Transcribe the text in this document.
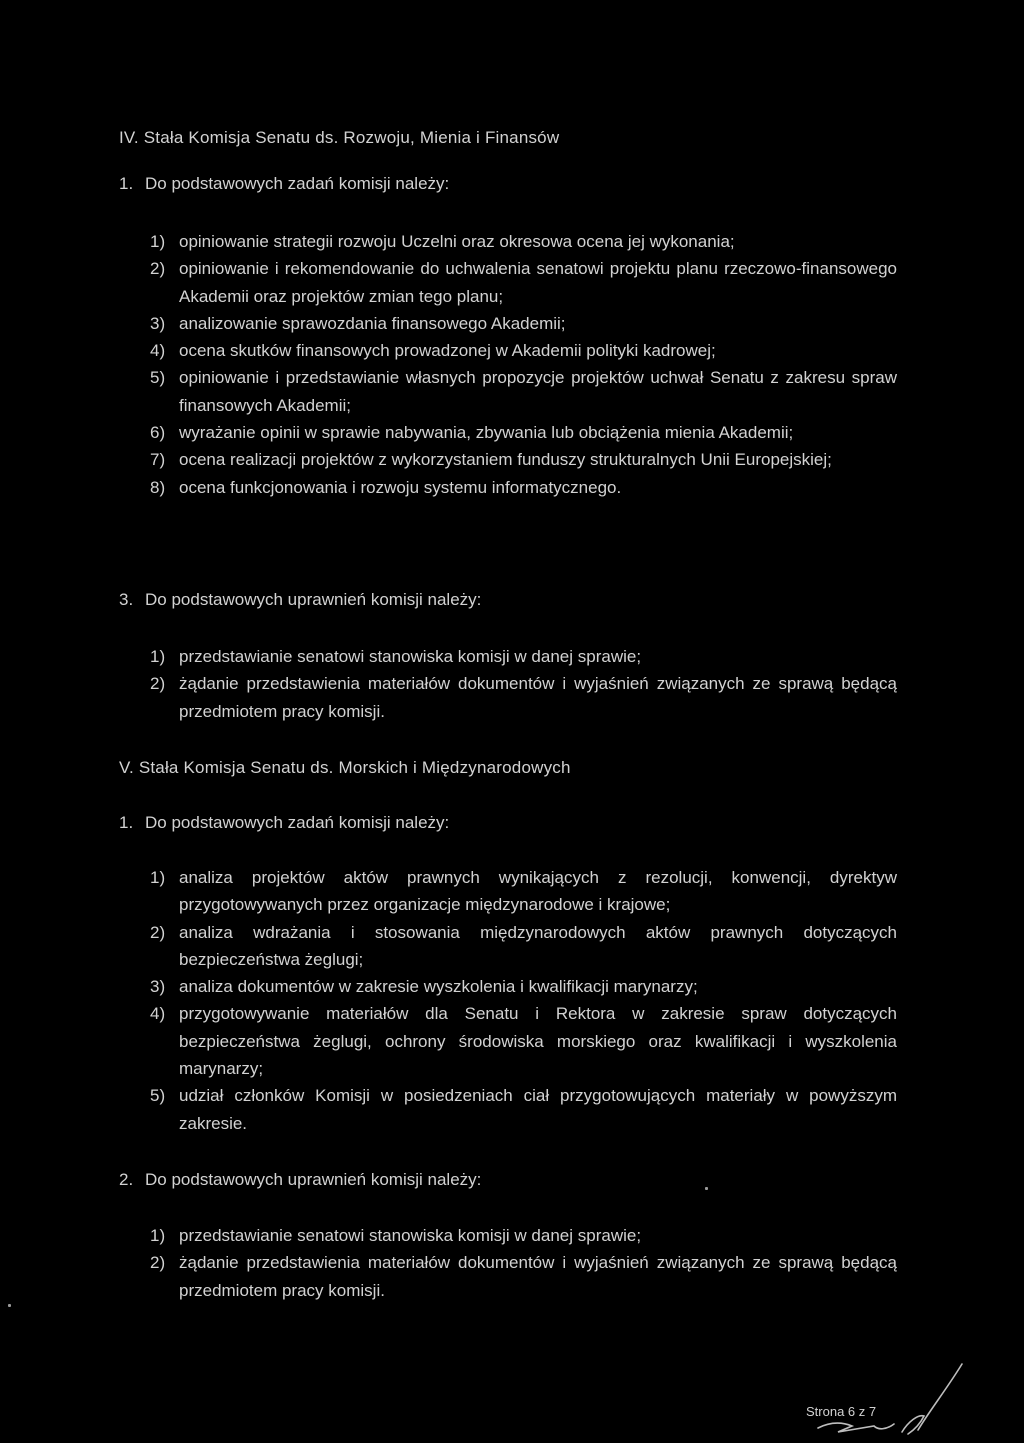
IV. Stała Komisja Senatu ds. Rozwoju, Mienia i Finansów
1. Do podstawowych zadań komisji należy:
1) opiniowanie strategii rozwoju Uczelni oraz okresowa ocena jej wykonania;
2) opiniowanie i rekomendowanie do uchwalenia senatowi projektu planu rzeczowo-finansowego Akademii oraz projektów zmian tego planu;
3) analizowanie sprawozdania finansowego Akademii;
4) ocena skutków finansowych prowadzonej w Akademii polityki kadrowej;
5) opiniowanie i przedstawianie własnych propozycje projektów uchwał Senatu z zakresu spraw finansowych Akademii;
6) wyrażanie opinii w sprawie nabywania, zbywania lub obciążenia mienia Akademii;
7) ocena realizacji projektów z wykorzystaniem funduszy strukturalnych Unii Europejskiej;
8) ocena funkcjonowania i rozwoju systemu informatycznego.
3. Do podstawowych uprawnień komisji należy:
1) przedstawianie senatowi stanowiska komisji w danej sprawie;
2) żądanie przedstawienia materiałów dokumentów i wyjaśnień związanych ze sprawą będącą przedmiotem pracy komisji.
V. Stała Komisja Senatu ds. Morskich i Międzynarodowych
1. Do podstawowych zadań komisji należy:
1) analiza projektów aktów prawnych wynikających z rezolucji, konwencji, dyrektyw przygotowywanych przez organizacje międzynarodowe i krajowe;
2) analiza wdrażania i stosowania międzynarodowych aktów prawnych dotyczących bezpieczeństwa żeglugi;
3) analiza dokumentów w zakresie wyszkolenia i kwalifikacji marynarzy;
4) przygotowywanie materiałów dla Senatu i Rektora w zakresie spraw dotyczących bezpieczeństwa żeglugi, ochrony środowiska morskiego oraz kwalifikacji i wyszkolenia marynarzy;
5) udział członków Komisji w posiedzeniach ciał przygotowujących materiały w powyższym zakresie.
2. Do podstawowych uprawnień komisji należy:
1) przedstawianie senatowi stanowiska komisji w danej sprawie;
2) żądanie przedstawienia materiałów dokumentów i wyjaśnień związanych ze sprawą będącą przedmiotem pracy komisji.
Strona 6 z 7
